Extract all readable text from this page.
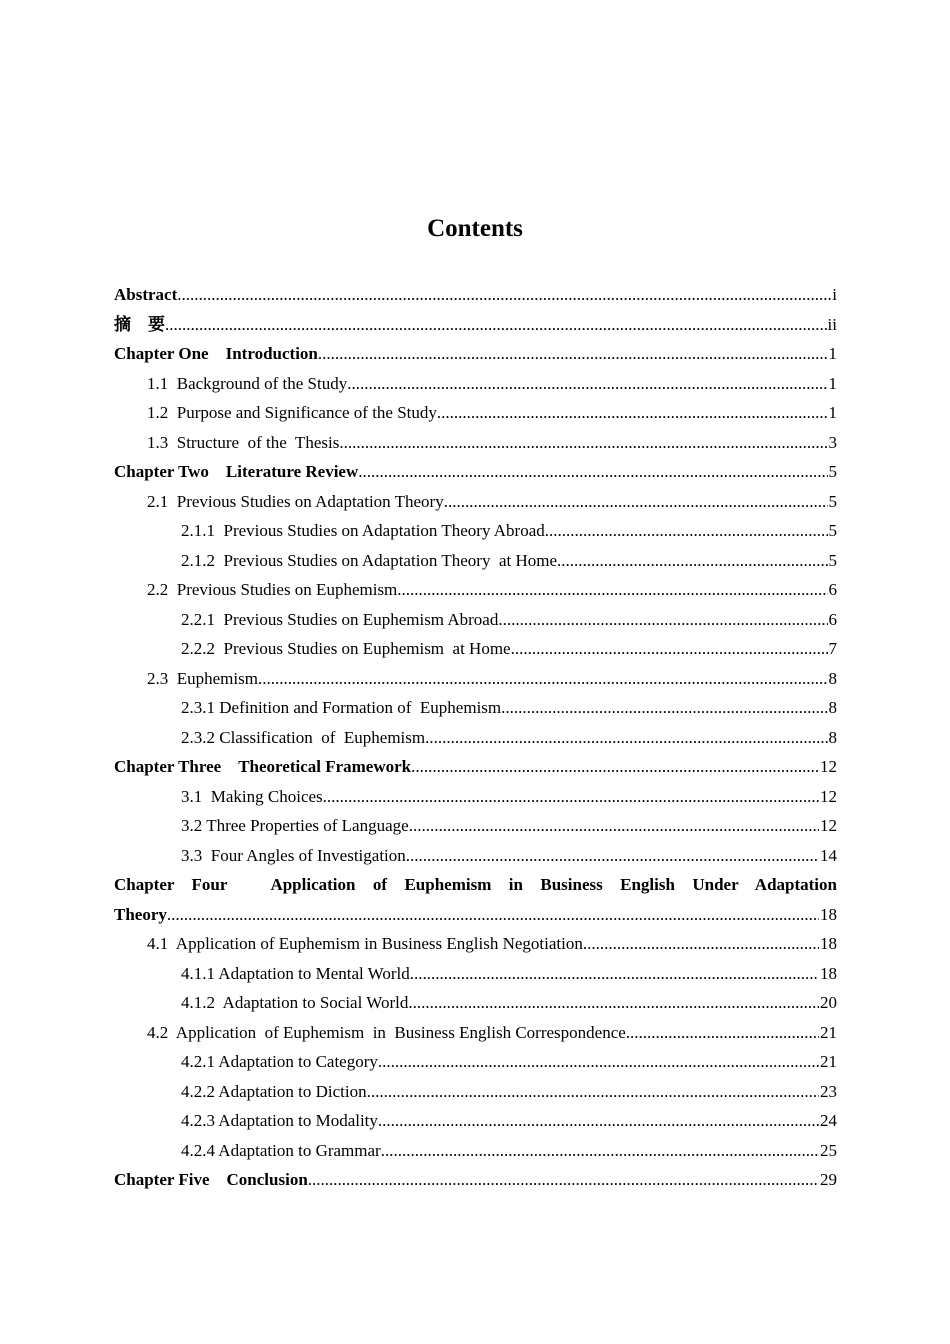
Contents
Abstract .....	i
摘　要 .....	ii
Chapter One　Introduction .....	1
1.1  Background of the Study .....	1
1.2  Purpose and Significance of the Study .....	1
1.3  Structure  of the  Thesis .....	3
Chapter Two　Literature Review .....	5
2.1  Previous Studies on Adaptation Theory .....	5
2.1.1  Previous Studies on Adaptation Theory Abroad .....	5
2.1.2  Previous Studies on Adaptation Theory  at Home .....	5
2.2  Previous Studies on Euphemism .....	6
2.2.1  Previous Studies on Euphemism Abroad .....	6
2.2.2  Previous Studies on Euphemism  at Home .....	7
2.3  Euphemism .....	8
2.3.1 Definition and Formation of  Euphemism .....	8
2.3.2 Classification  of  Euphemism .....	8
Chapter Three　Theoretical Framework .....	12
3.1  Making Choices .....	12
3.2 Three Properties of Language .....	12
3.3  Four Angles of Investigation .....	14
Chapter Four　Application of Euphemism in Business English Under Adaptation
Theory .....	18
4.1  Application of Euphemism in Business English Negotiation .....	18
4.1.1 Adaptation to Mental World .....	18
4.1.2  Adaptation to Social World .....	20
4.2  Application  of Euphemism  in  Business English Correspondence .....	21
4.2.1 Adaptation to Category .....	21
4.2.2 Adaptation to Diction .....	23
4.2.3 Adaptation to Modality .....	24
4.2.4 Adaptation to Grammar .....	25
Chapter Five　Conclusion .....	29
